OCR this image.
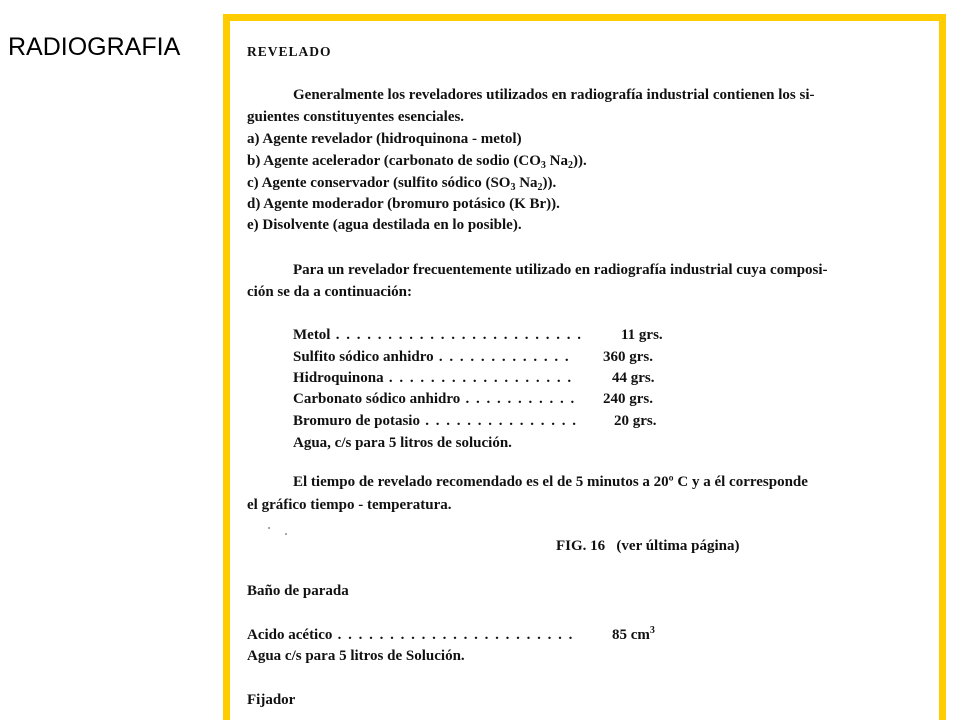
RADIOGRAFIA	REVELADO
Generalmente los reveladores utilizados en radiografía industrial contienen los si-
guientes constituyentes esenciales.
a) Agente revelador (hidroquinona - metol)
b) Agente acelerador (carbonato de sodio ($CO_3$ $Na_2$)).
c) Agente conservador (sulfito sódico ($SO_3$ $Na_2$)).
d) Agente moderador (bromuro potásico (K Br)).
e) Disolvente (agua destilada en lo posible).
Para un revelador frecuentemente utilizado en radiografía industrial cuya composi-
ción se da a continuación:
Metol . . . . . . . . . . . . . . . . . . . . . . . .	11 grs.
Sulfito sódico anhidro . . . . . . . . . . . . . 360 grs.
Hidroquinona . . . . . . . . . . . . . . . . . .	44 grs.
Carbonato sódico anhidro . . . . . . . . . . . 240 grs.
Bromuro de potasio . . . . . . . . . . . . . . . 20 grs.
Agua, c/s para 5 litros de solución.
El tiempo de revelado recomendado es el de 5 minutos a 20º C y a él corresponde
el gráfico tiempo - temperatura.
FIG. 16 (ver última página)
Baño de parada
Acido acético . . . . . . . . . . . . . . . . . . . . . . .	85 $cm^3$
Agua c/s para 5 litros de Solución.
Fijador
